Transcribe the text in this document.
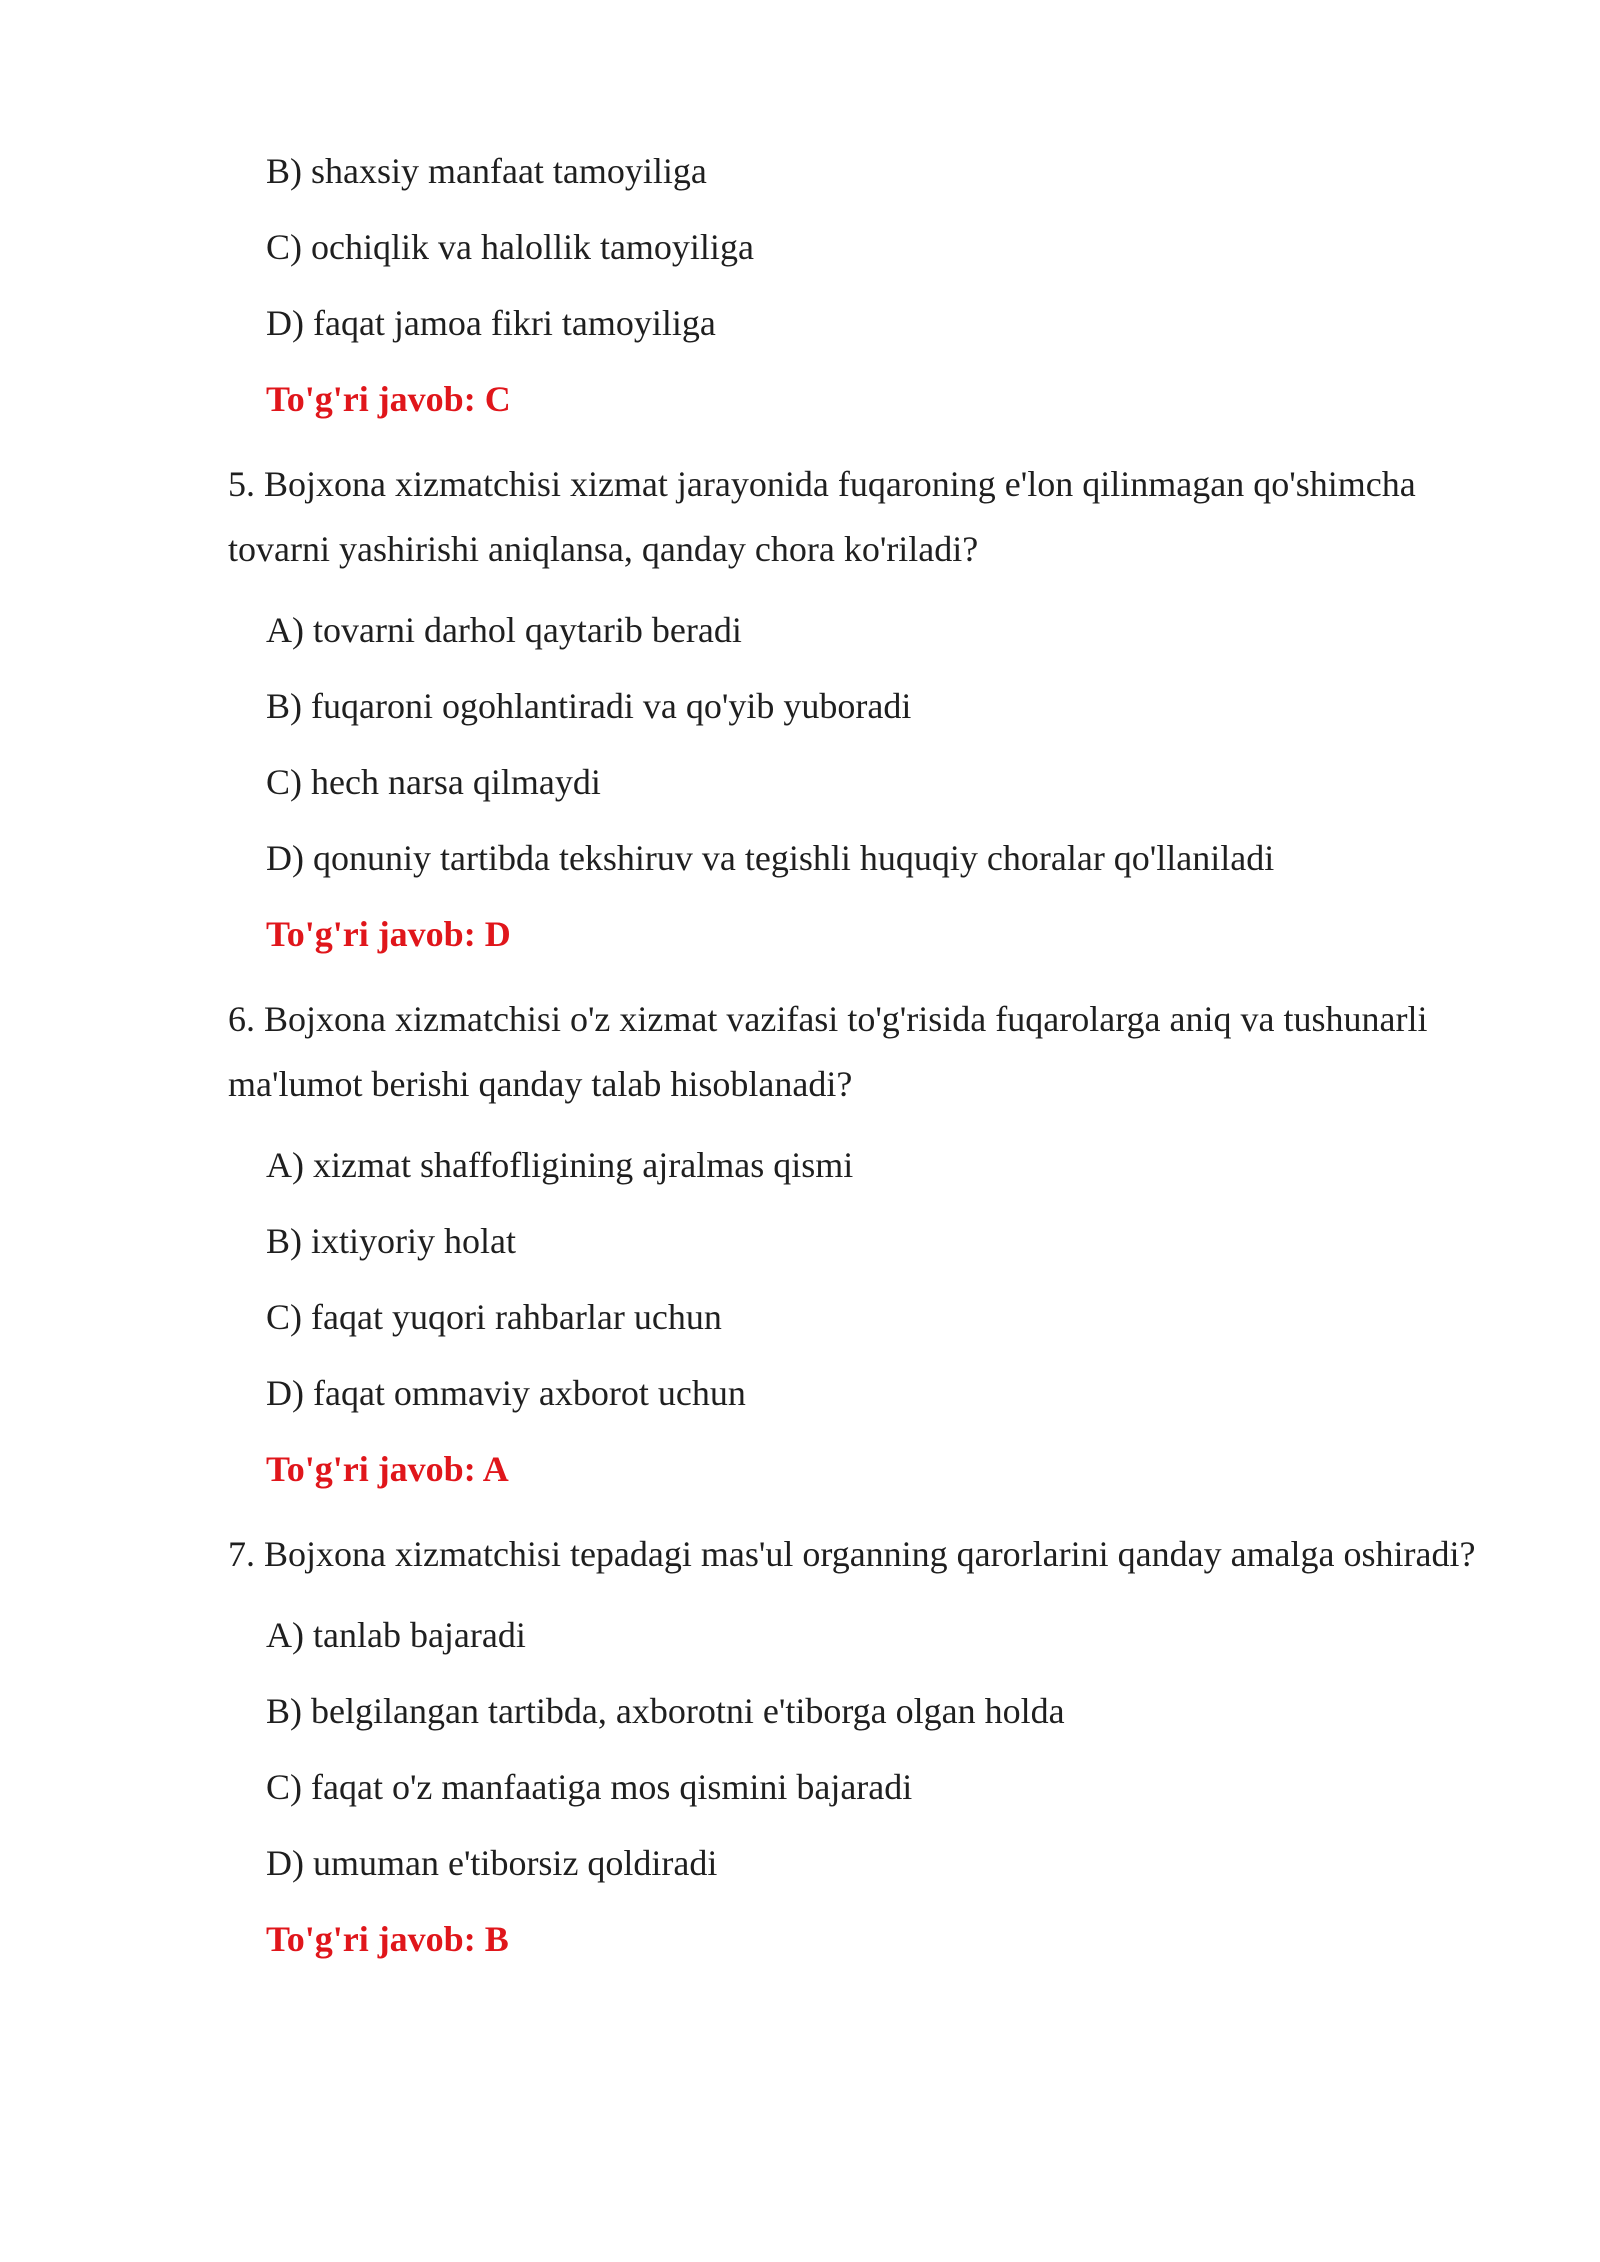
B) shaxsiy manfaat tamoyiliga
C) ochiqlik va halollik tamoyiliga
D) faqat jamoa fikri tamoyiliga
To'g'ri javob: C
5. Bojxona xizmatchisi xizmat jarayonida fuqaroning e'lon qilinmagan qo'shimcha tovarni yashirishi aniqlansa, qanday chora ko'riladi?
A) tovarni darhol qaytarib beradi
B) fuqaroni ogohlantiradi va qo'yib yuboradi
C) hech narsa qilmaydi
D) qonuniy tartibda tekshiruv va tegishli huquqiy choralar qo'llaniladi
To'g'ri javob: D
6. Bojxona xizmatchisi o'z xizmat vazifasi to'g'risida fuqarolarga aniq va tushunarli ma'lumot berishi qanday talab hisoblanadi?
A) xizmat shaffofligining ajralmas qismi
B) ixtiyoriy holat
C) faqat yuqori rahbarlar uchun
D) faqat ommaviy axborot uchun
To'g'ri javob: A
7. Bojxona xizmatchisi tepadagi mas'ul organning qarorlarini qanday amalga oshiradi?
A) tanlab bajaradi
B) belgilangan tartibda, axborotni e'tiborga olgan holda
C) faqat o'z manfaatiga mos qismini bajaradi
D) umuman e'tiborsiz qoldiradi
To'g'ri javob: B
